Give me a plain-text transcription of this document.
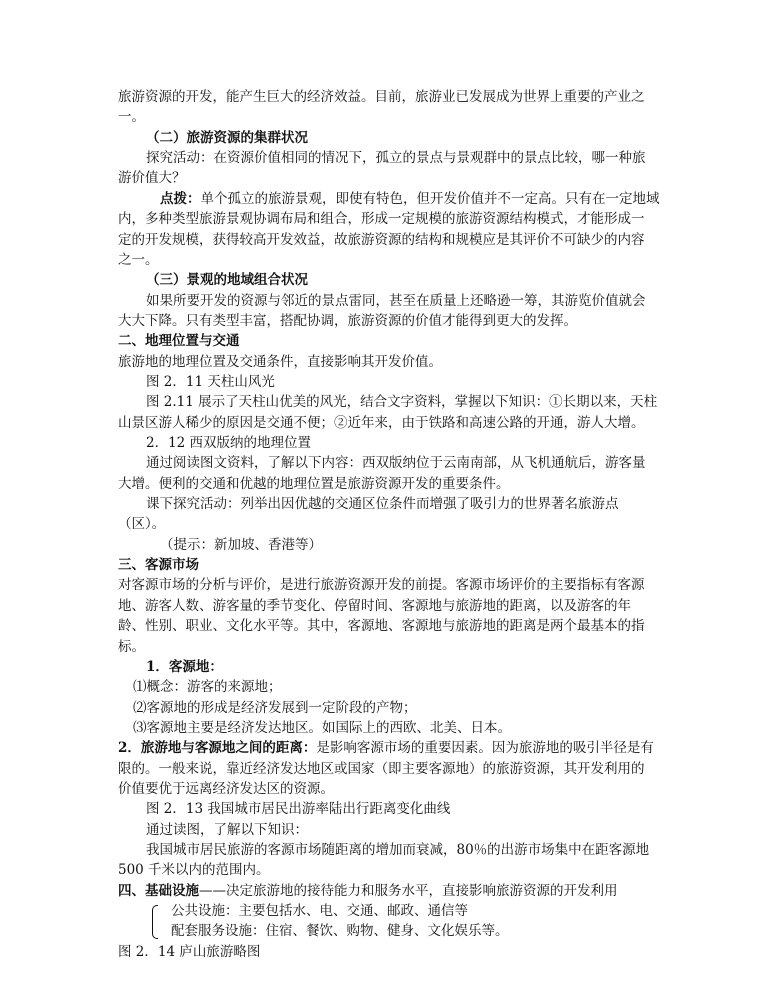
旅游资源的开发，能产生巨大的经济效益。目前，旅游业已发展成为世界上重要的产业之
一。
（二）旅游资源的集群状况
探究活动：在资源价值相同的情况下，孤立的景点与景观群中的景点比较，哪一种旅
游价值大？
点拨：单个孤立的旅游景观，即使有特色，但开发价值并不一定高。只有在一定地域
内，多种类型旅游景观协调布局和组合，形成一定规模的旅游资源结构模式，才能形成一
定的开发规模，获得较高开发效益，故旅游资源的结构和规模应是其评价不可缺少的内容
之一。
（三）景观的地域组合状况
如果所要开发的资源与邻近的景点雷同，甚至在质量上还略逊一筹，其游览价值就会
大大下降。只有类型丰富，搭配协调，旅游资源的价值才能得到更大的发挥。
二、地理位置与交通
旅游地的地理位置及交通条件，直接影响其开发价值。
图 2．11 天柱山风光
图 2.11 展示了天柱山优美的风光，结合文字资料，掌握以下知识：①长期以来，天柱
山景区游人稀少的原因是交通不便；②近年来，由于铁路和高速公路的开通，游人大增。
2．12 西双版纳的地理位置
通过阅读图文资料，了解以下内容：西双版纳位于云南南部，从飞机通航后，游客量
大增。便利的交通和优越的地理位置是旅游资源开发的重要条件。
课下探究活动：列举出因优越的交通区位条件而增强了吸引力的世界著名旅游点
（区）。
（提示：新加坡、香港等）
三、客源市场
对客源市场的分析与评价，是进行旅游资源开发的前提。客源市场评价的主要指标有客源
地、游客人数、游客量的季节变化、停留时间、客源地与旅游地的距离，以及游客的年
龄、性别、职业、文化水平等。其中，客源地、客源地与旅游地的距离是两个最基本的指
标。
1．客源地：
⑴概念：游客的来源地；
⑵客源地的形成是经济发展到一定阶段的产物；
⑶客源地主要是经济发达地区。如国际上的西欧、北美、日本。
2．旅游地与客源地之间的距离：是影响客源市场的重要因素。因为旅游地的吸引半径是有
限的。一般来说，靠近经济发达地区或国家（即主要客源地）的旅游资源，其开发利用的
价值要优于远离经济发达区的资源。
图 2．13 我国城市居民出游率陆出行距离变化曲线
通过读图，了解以下知识：
我国城市居民旅游的客源市场随距离的增加而衰减，80％的出游市场集中在距客源地
500 千米以内的范围内。
四、基础设施——决定旅游地的接待能力和服务水平，直接影响旅游资源的开发利用
公共设施：主要包括水、电、交通、邮政、通信等
配套服务设施：住宿、餐饮、购物、健身、文化娱乐等。
图 2．14 庐山旅游略图
